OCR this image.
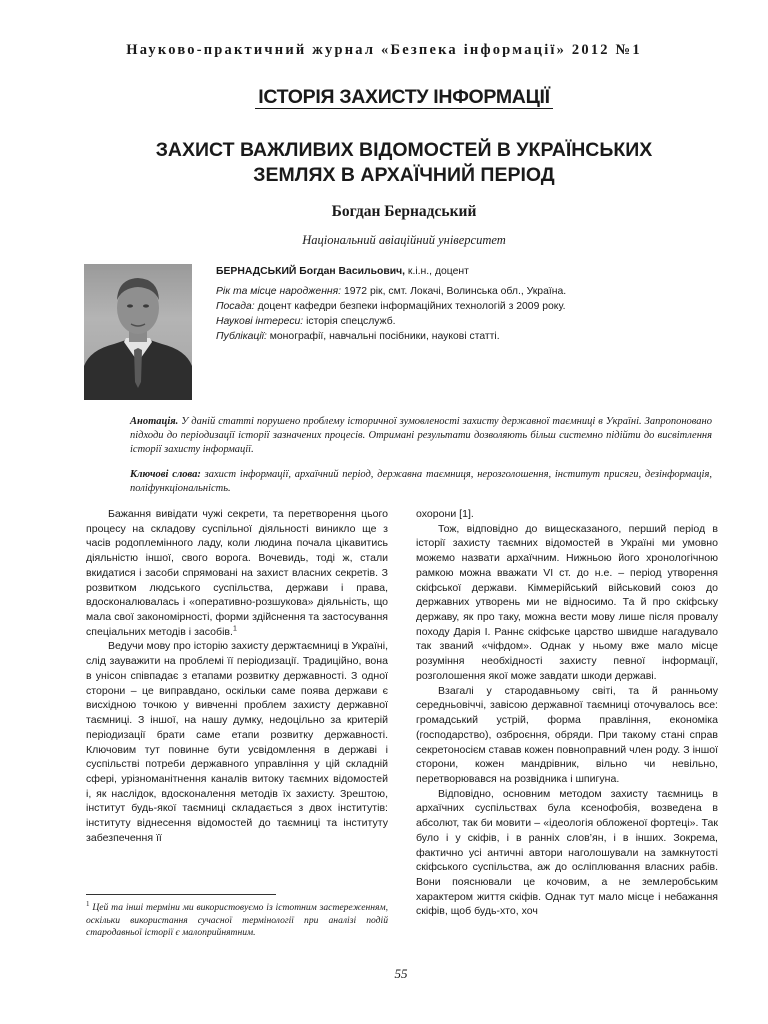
Науково-практичний журнал «Безпека інформації» 2012 №1
ІСТОРІЯ ЗАХИСТУ ІНФОРМАЦІЇ
ЗАХИСТ ВАЖЛИВИХ ВІДОМОСТЕЙ В УКРАЇНСЬКИХ
ЗЕМЛЯХ В АРХАЇЧНИЙ ПЕРІОД
Богдан Бернадський
Національний авіаційний університет
БЕРНАДСЬКИЙ Богдан Васильович, к.і.н., доцент
Рік та місце народження: 1972 рік, смт. Локачі, Волинська обл., Україна.
Посада: доцент кафедри безпеки інформаційних технологій з 2009 року.
Наукові інтереси: історія спецслужб.
Публікації: монографії, навчальні посібники, наукові статті.
Анотація. У даній статті порушено проблему історичної зумовленості захисту державної таємниці в Україні. Запропоновано підходи до періодизації історії зазначених процесів. Отримані результати дозволяють більш системно підійти до висвітлення історії захисту інформації.
Ключові слова: захист інформації, архаїчний період, державна таємниця, нерозголошення, інститут присяги, дезінформація, поліфункціональність.

Бажання вивідати чужі секрети, та перетворення цього процесу на складову суспільної діяльності виникло ще з часів родоплемінного ладу, коли людина почала цікавитись діяльністю іншої, свого ворога. Вочевидь, тоді ж, стали вкидатися і засоби спрямовані на захист власних секретів. З розвитком людського суспільства, держави і права, вдосконалювалась і «оперативно-розшукова» діяльність, що мала свої закономірності, форми здійснення та застосування спеціальних методів і засобів.$^1$

Ведучи мову про історію захисту держтаємниці в Україні, слід зауважити на проблемі її періодизації. Традиційно, вона в унісон співпадає з етапами розвитку державності. З одної сторони – це виправдано, оскільки саме поява держави є висхідною точкою у вивченні проблем захисту державної таємниці. З іншої, на нашу думку, недоцільно за критерій періодизації брати саме етапи розвитку державності. Ключовим тут повинне бути усвідомлення в державі і суспільстві потреби державного управління у цій складній сфері, урізноманітнення каналів витоку таємних відомостей і, як наслідок, вдосконалення методів їх захисту. Зрештою, інститут будь-якої таємниці складається з двох інститутів: інституту віднесення відомостей до таємниці та інституту забезпечення її

охорони [1].

Тож, відповідно до вищесказаного, перший період в історії захисту таємних відомостей в Україні ми умовно можемо назвати архаїчним. Нижньою його хронологічною рамкою можна вважати VI ст. до н.е. – період утворення скіфської держави. Кіммерійський військовий союз до державних утворень ми не відносимо. Та й про скіфську державу, як про таку, можна вести мову лише після провалу походу Дарія І. Раннє скіфське царство швидше нагадувало так званий «чіфдом». Однак у ньому вже мало місце розуміння необхідності захисту певної інформації, розголошення якої може завдати шкоди державі.

Взагалі у стародавньому світі, та й ранньому середньовіччі, завісою державної таємниці оточувалось все: громадський устрій, форма правління, економіка (господарство), озброєння, обряди. При такому стані справ секретоносієм ставав кожен повноправний член роду. З іншої сторони, кожен мандрівник, вільно чи невільно, перетворювався на розвідника і шпигуна.

Відповідно, основним методом захисту таємниць в архаїчних суспільствах була ксенофобія, возведена в абсолют, так би мовити – «ідеологія обложеної фортеці». Так було і у скіфів, і в ранніх слов’ян, і в інших. Зокрема, фактично усі античні автори наголошували на замкнутості скіфського суспільства, аж до осліплювання власних рабів. Вони пояснювали це кочовим, а не землеробським характером життя скіфів. Однак тут мало місце і небажання скіфів, щоб будь-хто, хоч

$^1$ Цей та інші терміни ми використовуємо із істотним застереженням, оскільки використання сучасної термінології при аналізі подій стародавньої історії є малоприйнятним.
55
